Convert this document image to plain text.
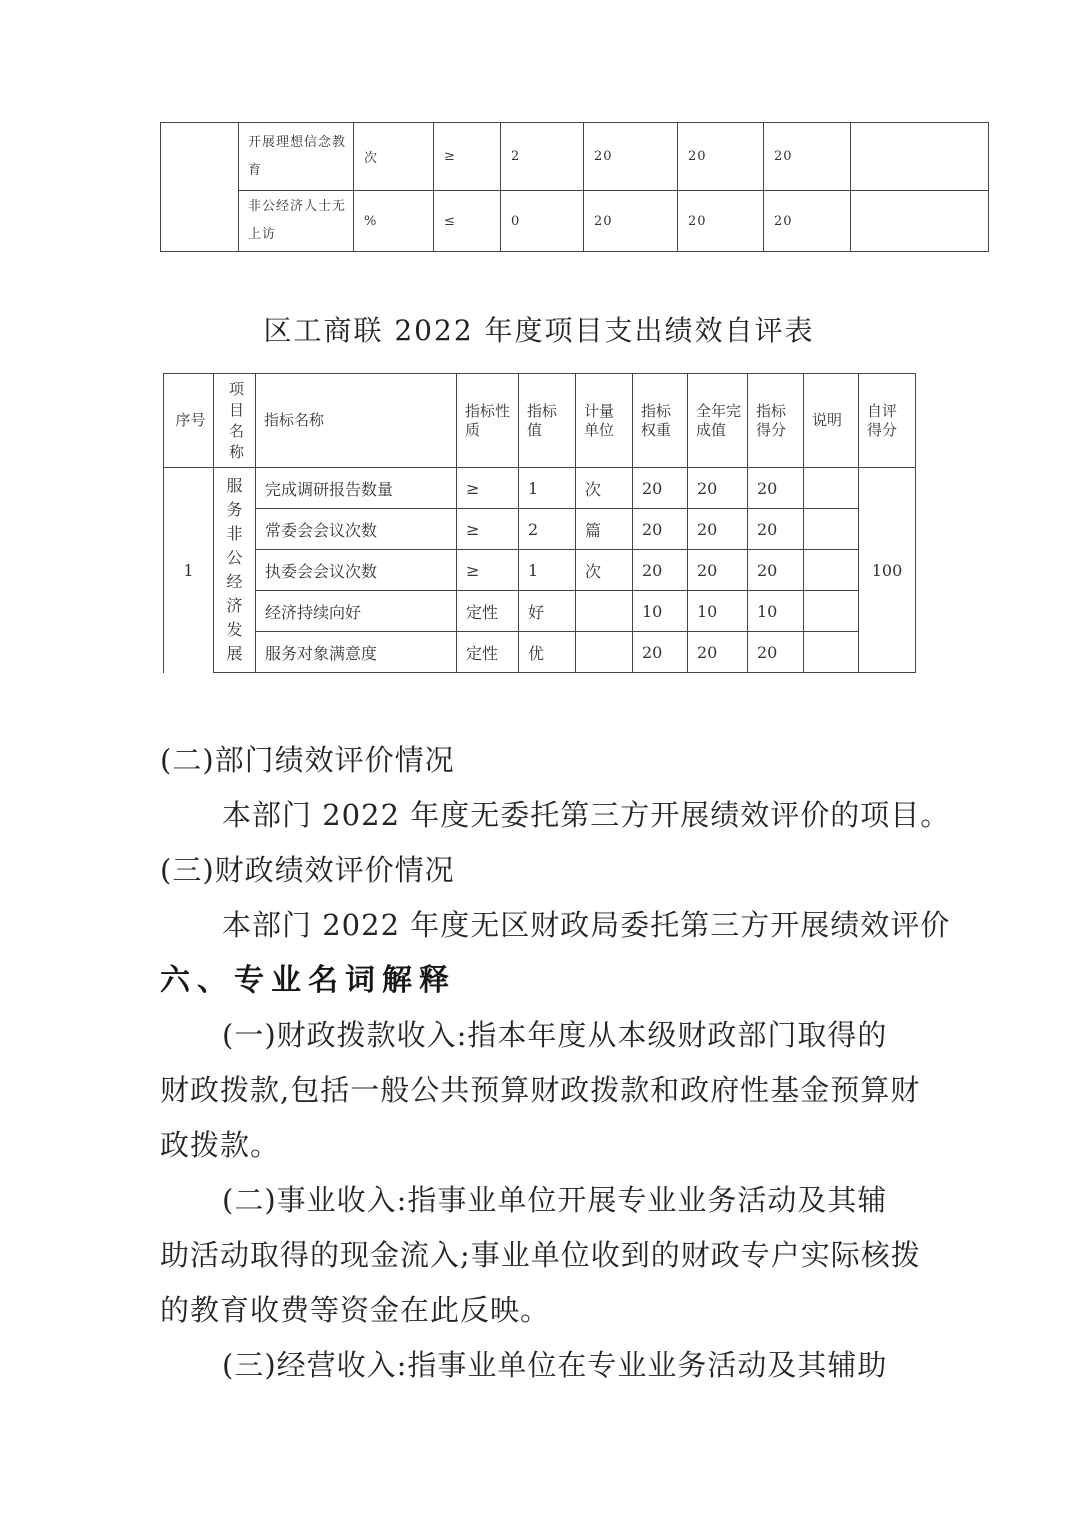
	开展理想信念教育	次	≥	2	20	20	20	
	非公经济人士无上访	%	≤	0	20	20	20	
区工商联 2022 年度项目支出绩效自评表
序号	项目名称	指标名称	指标性质	指标值	计量单位	指标权重	全年完成值	指标得分	说明	自评得分
1	服务非公经济发展	完成调研报告数量	≥	1	次	20	20	20		100
		常委会会议次数	≥	2	篇	20	20	20		
		执委会会议次数	≥	1	次	20	20	20		
		经济持续向好	定性	好		10	10	10		
		服务对象满意度	定性	优		20	20	20		
(二)部门绩效评价情况
本部门 2022 年度无委托第三方开展绩效评价的项目。
(三)财政绩效评价情况
本部门 2022 年度无区财政局委托第三方开展绩效评价
六、专业名词解释
(一)财政拨款收入:指本年度从本级财政部门取得的
财政拨款,包括一般公共预算财政拨款和政府性基金预算财
政拨款。
(二)事业收入:指事业单位开展专业业务活动及其辅
助活动取得的现金流入;事业单位收到的财政专户实际核拨
的教育收费等资金在此反映。
(三)经营收入:指事业单位在专业业务活动及其辅助
